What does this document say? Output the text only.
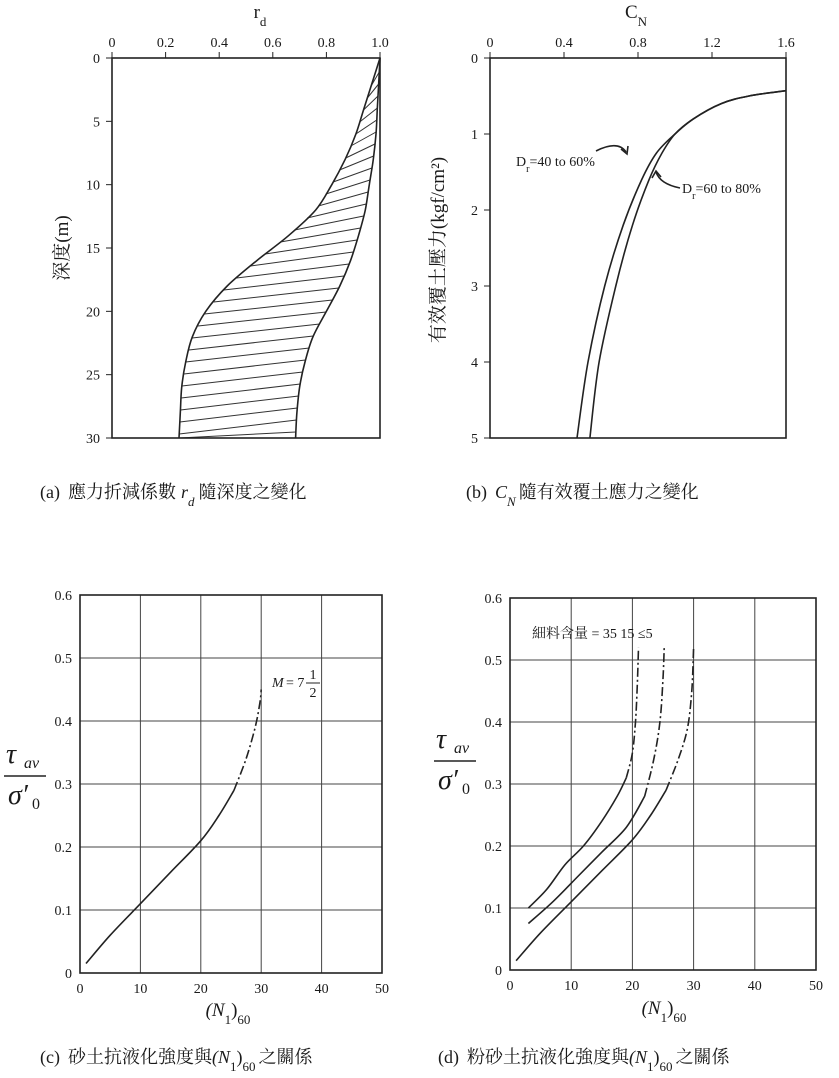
$r_d$
0	0.2	0.4	0.6	0.8	1.0
0
5
10
15
20
25
30
深度(m)
(a) 應力折減係數 $r_d$ 隨深度之變化
$C_N$
0	0.4	0.8	1.2	1.6
0
1
2
3
4
5
$D_r=40$ to 60%
$D_r=60$ to 80%
有效覆土壓力(kgf/cm²)
(b) $C_N$ 隨有效覆土應力之變化
0	10	20	30	40	50
0
0.1
0.2
0.3
0.4
0.5
0.6
M = 7
1
2
τ av
σ′ 0
$(N_1)_{60}$
(c) 砂土抗液化強度與$(N_1)_{60}$ 之關係
0	10	20	30	40	50
0
0.1
0.2
0.3
0.4
0.5
0.6
細料含量 = 35 15 ≤5
τ av
σ′ 0
$(N_1)_{60}$
(d) 粉砂土抗液化強度與$(N_1)_{60}$ 之關係
